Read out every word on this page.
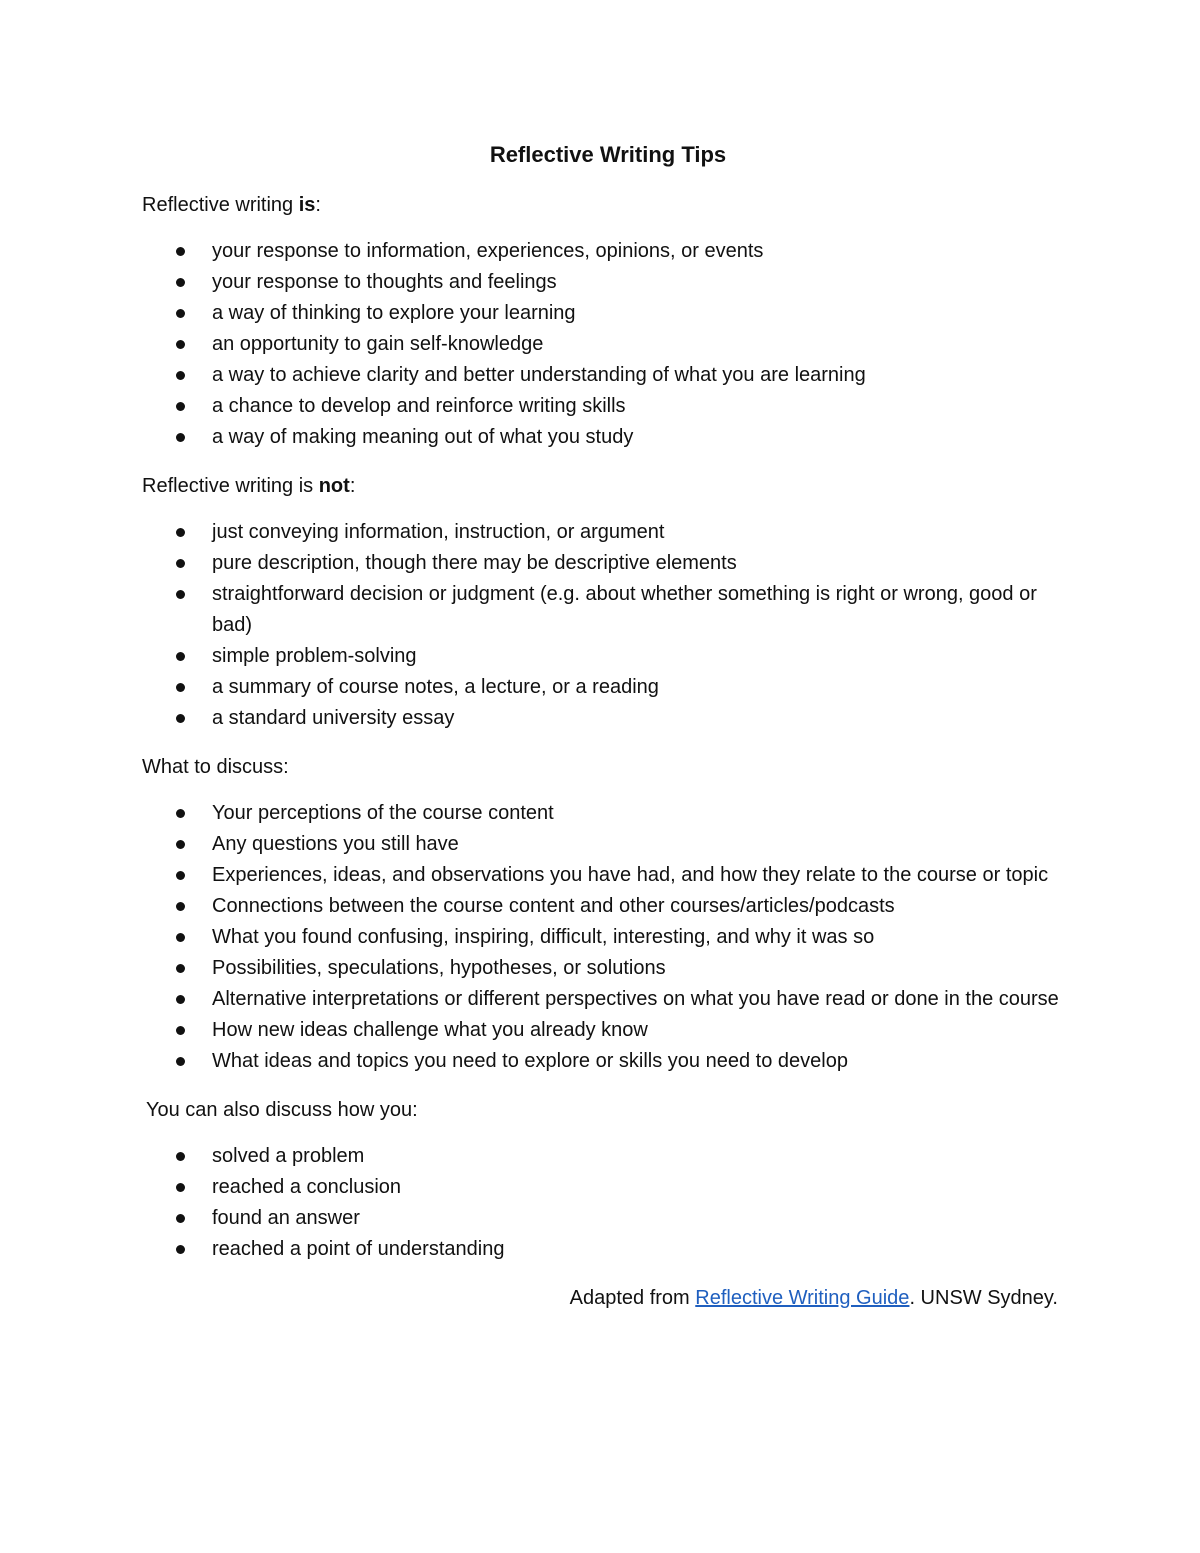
Reflective Writing Tips
Reflective writing is:
your response to information, experiences, opinions, or events
your response to thoughts and feelings
a way of thinking to explore your learning
an opportunity to gain self-knowledge
a way to achieve clarity and better understanding of what you are learning
a chance to develop and reinforce writing skills
a way of making meaning out of what you study
Reflective writing is not:
just conveying information, instruction, or argument
pure description, though there may be descriptive elements
straightforward decision or judgment (e.g. about whether something is right or wrong, good or bad)
simple problem-solving
a summary of course notes, a lecture, or a reading
a standard university essay
What to discuss:
Your perceptions of the course content
Any questions you still have
Experiences, ideas, and observations you have had, and how they relate to the course or topic
Connections between the course content and other courses/articles/podcasts
What you found confusing, inspiring, difficult, interesting, and why it was so
Possibilities, speculations, hypotheses, or solutions
Alternative interpretations or different perspectives on what you have read or done in the course
How new ideas challenge what you already know
What ideas and topics you need to explore or skills you need to develop
You can also discuss how you:
solved a problem
reached a conclusion
found an answer
reached a point of understanding
Adapted from Reflective Writing Guide. UNSW Sydney.
